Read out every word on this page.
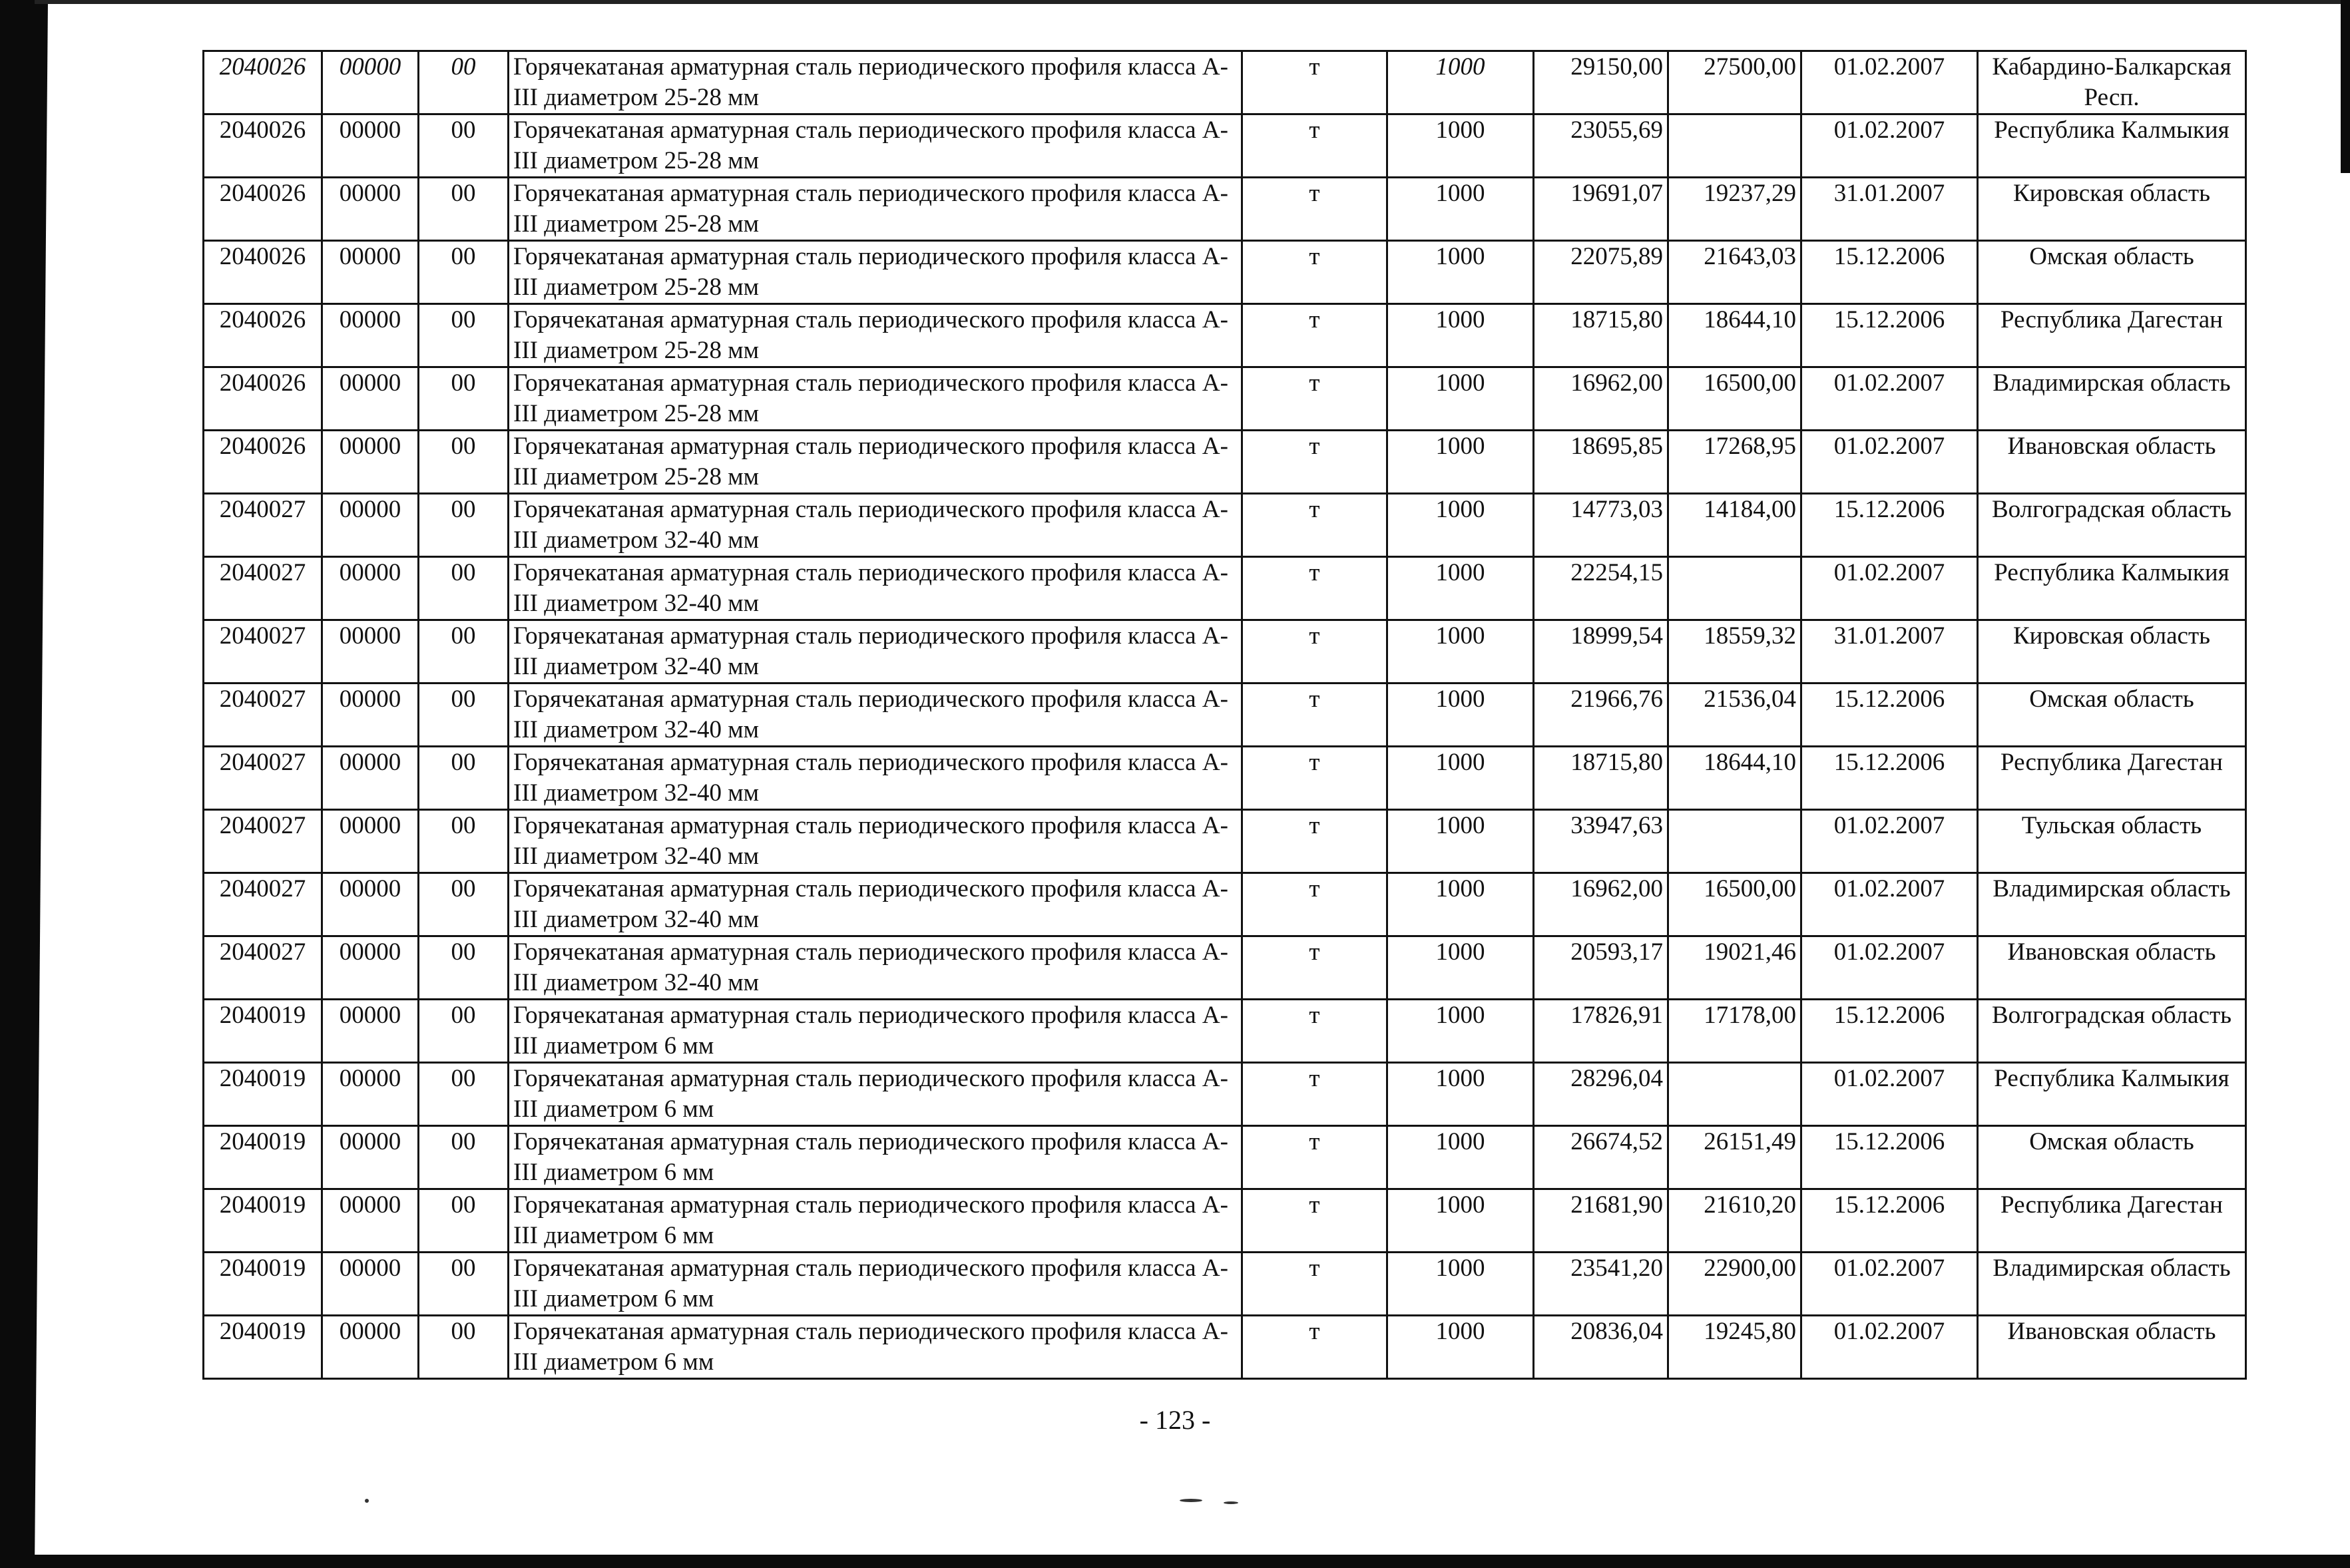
2040026	00000	00	Горячекатаная арматурная сталь периодического профиля класса А-III диаметром 25-28 мм	т	1000	29150,00	27500,00	01.02.2007	Кабардино-Балкарская Респ.
2040026	00000	00	Горячекатаная арматурная сталь периодического профиля класса А-III диаметром 25-28 мм	т	1000	23055,69		01.02.2007	Республика Калмыкия
2040026	00000	00	Горячекатаная арматурная сталь периодического профиля класса А-III диаметром 25-28 мм	т	1000	19691,07	19237,29	31.01.2007	Кировская область
2040026	00000	00	Горячекатаная арматурная сталь периодического профиля класса А-III диаметром 25-28 мм	т	1000	22075,89	21643,03	15.12.2006	Омская область
2040026	00000	00	Горячекатаная арматурная сталь периодического профиля класса А-III диаметром 25-28 мм	т	1000	18715,80	18644,10	15.12.2006	Республика Дагестан
2040026	00000	00	Горячекатаная арматурная сталь периодического профиля класса А-III диаметром 25-28 мм	т	1000	16962,00	16500,00	01.02.2007	Владимирская область
2040026	00000	00	Горячекатаная арматурная сталь периодического профиля класса А-III диаметром 25-28 мм	т	1000	18695,85	17268,95	01.02.2007	Ивановская область
2040027	00000	00	Горячекатаная арматурная сталь периодического профиля класса А-III диаметром 32-40 мм	т	1000	14773,03	14184,00	15.12.2006	Волгоградская область
2040027	00000	00	Горячекатаная арматурная сталь периодического профиля класса А-III диаметром 32-40 мм	т	1000	22254,15		01.02.2007	Республика Калмыкия
2040027	00000	00	Горячекатаная арматурная сталь периодического профиля класса А-III диаметром 32-40 мм	т	1000	18999,54	18559,32	31.01.2007	Кировская область
2040027	00000	00	Горячекатаная арматурная сталь периодического профиля класса А-III диаметром 32-40 мм	т	1000	21966,76	21536,04	15.12.2006	Омская область
2040027	00000	00	Горячекатаная арматурная сталь периодического профиля класса А-III диаметром 32-40 мм	т	1000	18715,80	18644,10	15.12.2006	Республика Дагестан
2040027	00000	00	Горячекатаная арматурная сталь периодического профиля класса А-III диаметром 32-40 мм	т	1000	33947,63		01.02.2007	Тульская область
2040027	00000	00	Горячекатаная арматурная сталь периодического профиля класса А-III диаметром 32-40 мм	т	1000	16962,00	16500,00	01.02.2007	Владимирская область
2040027	00000	00	Горячекатаная арматурная сталь периодического профиля класса А-III диаметром 32-40 мм	т	1000	20593,17	19021,46	01.02.2007	Ивановская область
2040019	00000	00	Горячекатаная арматурная сталь периодического профиля класса А-III диаметром 6 мм	т	1000	17826,91	17178,00	15.12.2006	Волгоградская область
2040019	00000	00	Горячекатаная арматурная сталь периодического профиля класса А-III диаметром 6 мм	т	1000	28296,04		01.02.2007	Республика Калмыкия
2040019	00000	00	Горячекатаная арматурная сталь периодического профиля класса А-III диаметром 6 мм	т	1000	26674,52	26151,49	15.12.2006	Омская область
2040019	00000	00	Горячекатаная арматурная сталь периодического профиля класса А-III диаметром 6 мм	т	1000	21681,90	21610,20	15.12.2006	Республика Дагестан
2040019	00000	00	Горячекатаная арматурная сталь периодического профиля класса А-III диаметром 6 мм	т	1000	23541,20	22900,00	01.02.2007	Владимирская область
2040019	00000	00	Горячекатаная арматурная сталь периодического профиля класса А-III диаметром 6 мм	т	1000	20836,04	19245,80	01.02.2007	Ивановская область
- 123 -
